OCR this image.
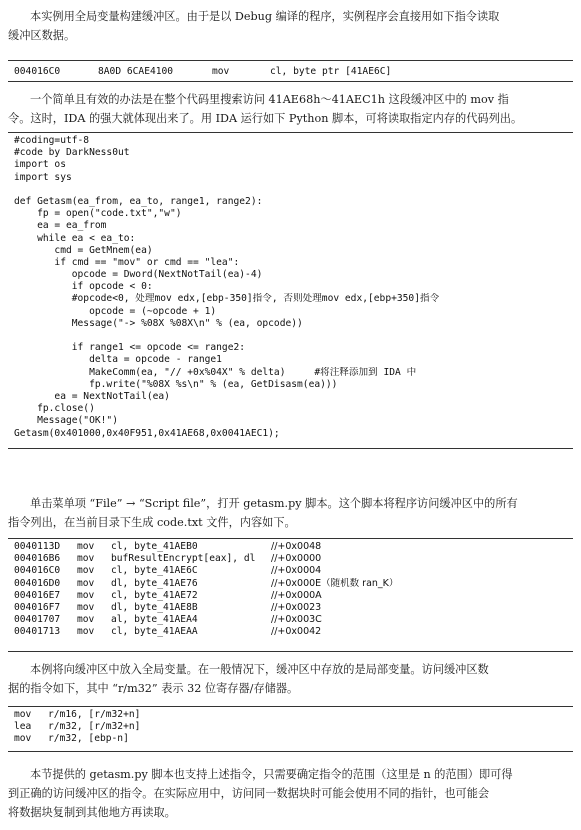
本实例用全局变量构建缓冲区。由于是以 Debug 编译的程序，实例程序会直接用如下指令读取

缓冲区数据。

004016C0	8A0D 6CAE4100	mov	cl, byte ptr [41AE6C]

一个简单且有效的办法是在整个代码里搜索访问 41AE68h～41AEC1h 这段缓冲区中的 mov 指

令。这时，IDA 的强大就体现出来了。用 IDA 运行如下 Python 脚本，可将读取指定内存的代码列出。

#coding=utf-8
#code by DarkNess0ut
import os
import sys
def Getasm(ea_from, ea_to, range1, range2):
fp = open("code.txt","w")
ea = ea_from
while ea < ea_to:
cmd = GetMnem(ea)
if cmd == "mov" or cmd == "lea":
opcode = Dword(NextNotTail(ea)-4)
if opcode < 0:
#opcode<0, 处理mov edx,[ebp-350]指令, 否则处理mov edx,[ebp+350]指令
opcode = (~opcode + 1)
Message("-> %08X %08X\n" % (ea, opcode))
if range1 <= opcode <= range2:
delta = opcode - range1
MakeComm(ea, "// +0x%04X" % delta)     #将注释添加到 IDA 中
fp.write("%08X %s\n" % (ea, GetDisasm(ea)))
ea = NextNotTail(ea)
fp.close()
Message("OK!")
Getasm(0x401000,0x40F951,0x41AE68,0x0041AEC1);

单击菜单项 “File” → “Script file”，打开 getasm.py 脚本。这个脚本将程序访问缓冲区中的所有

指令列出，在当前目录下生成 code.txt 文件，内容如下。

0040113D	mov	cl, byte_41AEB0	//+0x0048
004016B6	mov	bufResultEncrypt[eax], dl	//+0x0000
004016C0	mov	cl, byte_41AE6C	//+0x0004
004016D0	mov	dl, byte_41AE76	//+0x000E（随机数 ran_K）
004016E7	mov	cl, byte_41AE72	//+0x000A
004016F7	mov	dl, byte_41AE8B	//+0x0023
00401707	mov	al, byte_41AEA4	//+0x003C
00401713	mov	cl, byte_41AEAA	//+0x0042

本例将向缓冲区中放入全局变量。在一般情况下，缓冲区中存放的是局部变量。访问缓冲区数

据的指令如下，其中 “r/m32” 表示 32 位寄存器/存储器。

mov	r/m16, [r/m32+n]
lea	r/m32, [r/m32+n]
mov	r/m32, [ebp-n]

本节提供的 getasm.py 脚本也支持上述指令，只需要确定指令的范围（这里是 n 的范围）即可得

到正确的访问缓冲区的指令。在实际应用中，访问同一数据块时可能会使用不同的指针，也可能会

将数据块复制到其他地方再读取。
